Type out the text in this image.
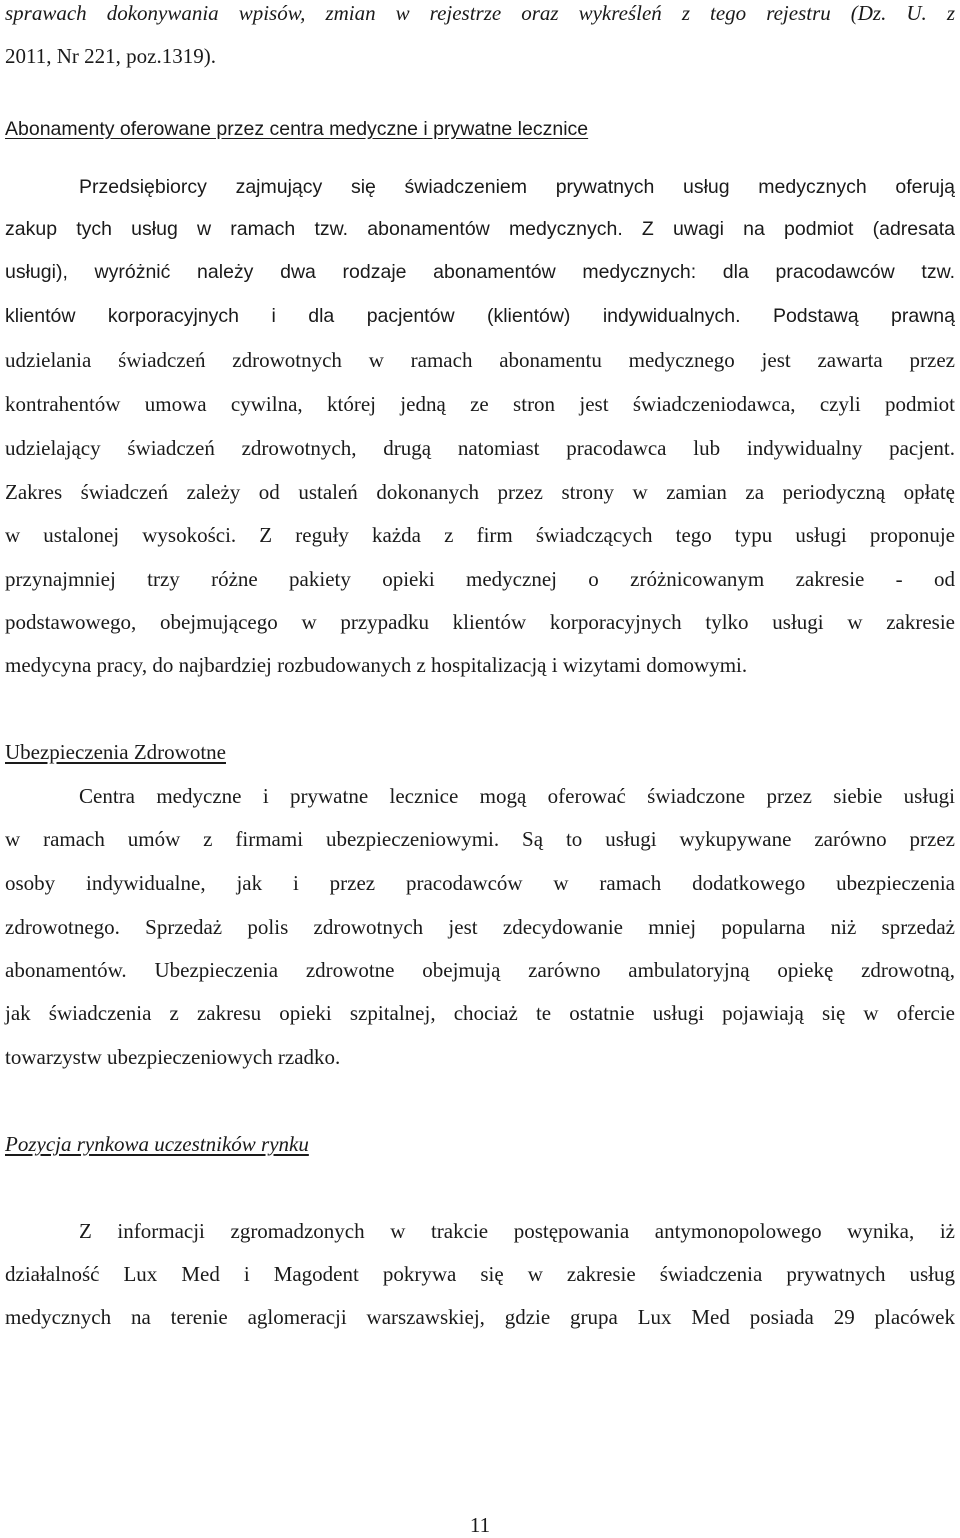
sprawach dokonywania wpisów, zmian w rejestrze oraz wykreśleń z tego rejestru (Dz. U. z
2011, Nr 221, poz.1319).
Abonamenty oferowane przez centra medyczne i prywatne lecznice
Przedsiębiorcy zajmujący się świadczeniem prywatnych usług medycznych oferują
zakup tych usług w ramach tzw. abonamentów medycznych. Z uwagi na podmiot (adresata
usługi), wyróżnić należy dwa rodzaje abonamentów medycznych: dla pracodawców tzw.
klientów korporacyjnych i dla pacjentów (klientów) indywidualnych. Podstawą prawną
udzielania świadczeń zdrowotnych w ramach abonamentu medycznego jest zawarta przez
kontrahentów umowa cywilna, której jedną ze stron jest świadczeniodawca, czyli podmiot
udzielający świadczeń zdrowotnych, drugą natomiast pracodawca lub indywidualny pacjent.
Zakres świadczeń zależy od ustaleń dokonanych przez strony w zamian za periodyczną opłatę
w ustalonej wysokości. Z reguły każda z firm świadczących tego typu usługi proponuje
przynajmniej trzy różne pakiety opieki medycznej o zróżnicowanym zakresie - od
podstawowego, obejmującego w przypadku klientów korporacyjnych tylko usługi w zakresie
medycyna pracy, do najbardziej rozbudowanych z hospitalizacją i wizytami domowymi.
Ubezpieczenia Zdrowotne
Centra medyczne i prywatne lecznice mogą oferować świadczone przez siebie usługi
w ramach umów z firmami ubezpieczeniowymi. Są to usługi wykupywane zarówno przez
osoby indywidualne, jak i przez pracodawców w ramach dodatkowego ubezpieczenia
zdrowotnego. Sprzedaż polis zdrowotnych jest zdecydowanie mniej popularna niż sprzedaż
abonamentów. Ubezpieczenia zdrowotne obejmują zarówno ambulatoryjną opiekę zdrowotną,
jak świadczenia z zakresu opieki szpitalnej, chociaż te ostatnie usługi pojawiają się w ofercie
towarzystw ubezpieczeniowych rzadko.
Pozycja rynkowa uczestników rynku
Z informacji zgromadzonych w trakcie postępowania antymonopolowego wynika, iż
działalność Lux Med i Magodent pokrywa się w zakresie świadczenia prywatnych usług
medycznych na terenie aglomeracji warszawskiej, gdzie grupa Lux Med posiada 29 placówek
11
